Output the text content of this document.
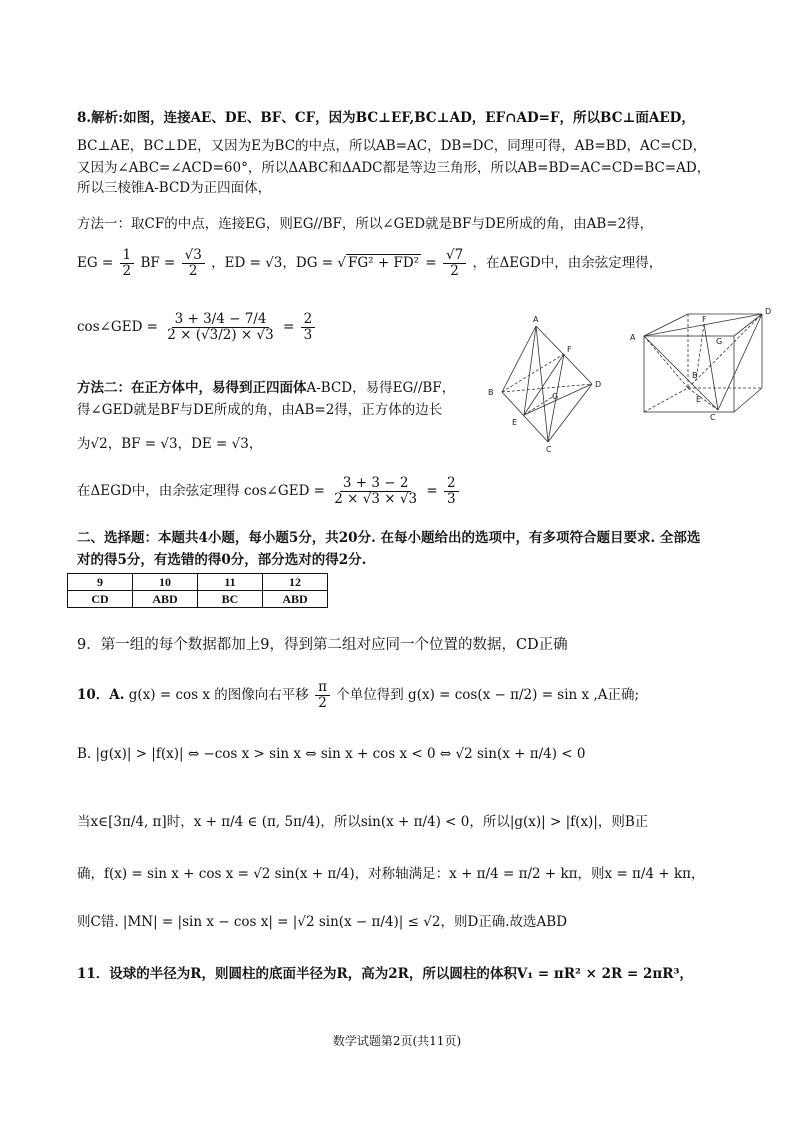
8.解析:如图，连接AE、DE、BF、CF，因为BC⊥EF,BC⊥AD，EF∩AD=F，所以BC⊥面AED，
BC⊥AE，BC⊥DE，又因为E为BC的中点，所以AB=AC，DB=DC，同理可得，AB=BD，AC=CD，
又因为∠ABC=∠ACD=60°，所以ΔABC和ΔADC都是等边三角形，所以AB=BD=AC=CD=BC=AD，
所以三棱锥A-BCD为正四面体，
方法一：取CF的中点，连接EG，则EG//BF，所以∠GED就是BF与DE所成的角，由AB=2得，
EG = $\frac{1}{2}$ BF = $\frac{√3}{2}$ ，ED = √3，DG = √ $FG^2 + FD^2 = \frac{√7}{2}$ ，在ΔEGD中，由余弦定理得，
cos∠GED = $\frac{3 + 3/4 - 7/4}{2 \times (√3/2) \times √3} = \frac{2}{3}$
方法二：在正方体中，易得到正四面体A-BCD，易得EG//BF，
得∠GED就是BF与DE所成的角，由AB=2得，正方体的边长
为√2，BF = √3，DE = √3，
在ΔEGD中，由余弦定理得 cos∠GED = $\frac{3 + 3 - 2}{2 \times √3 \times √3} = \frac{2}{3}$
A
F
B
D
G
E
C
A
F
D
G
B
E
C
二、选择题：本题共4小题，每小题5分，共20分. 在每小题给出的选项中，有多项符合题目要求. 全部选
对的得5分，有选错的得0分，部分选对的得2分.
9	10	11	12
CD	ABD	BC	ABD
9．第一组的每个数据都加上9，得到第二组对应同一个位置的数据，CD正确
10．A. g(x) = cos x 的图像向右平移 $\frac{\pi}{2}$ 个单位得到 g(x) = cos(x − π/2) = sin x ,A正确;
B. |g(x)| > |f(x)| ⇔ −cos x > sin x ⇔ sin x + cos x < 0 ⇔ √2 sin(x + π/4) < 0
当x∈[3π/4, π]时，x + π/4 ∈ (π, 5π/4)，所以sin(x + π/4) < 0，所以|g(x)| > |f(x)|，则B正
确，f(x) = sin x + cos x = √2 sin(x + π/4)，对称轴满足：x + π/4 = π/2 + kπ，则x = π/4 + kπ，
则C错. |MN| = |sin x − cos x| = |√2 sin(x − π/4)| ≤ √2，则D正确.故选ABD
11．设球的半径为R，则圆柱的底面半径为R，高为2R，所以圆柱的体积V₁ = πR² × 2R = 2πR³，
数学试题第2页(共11页)
